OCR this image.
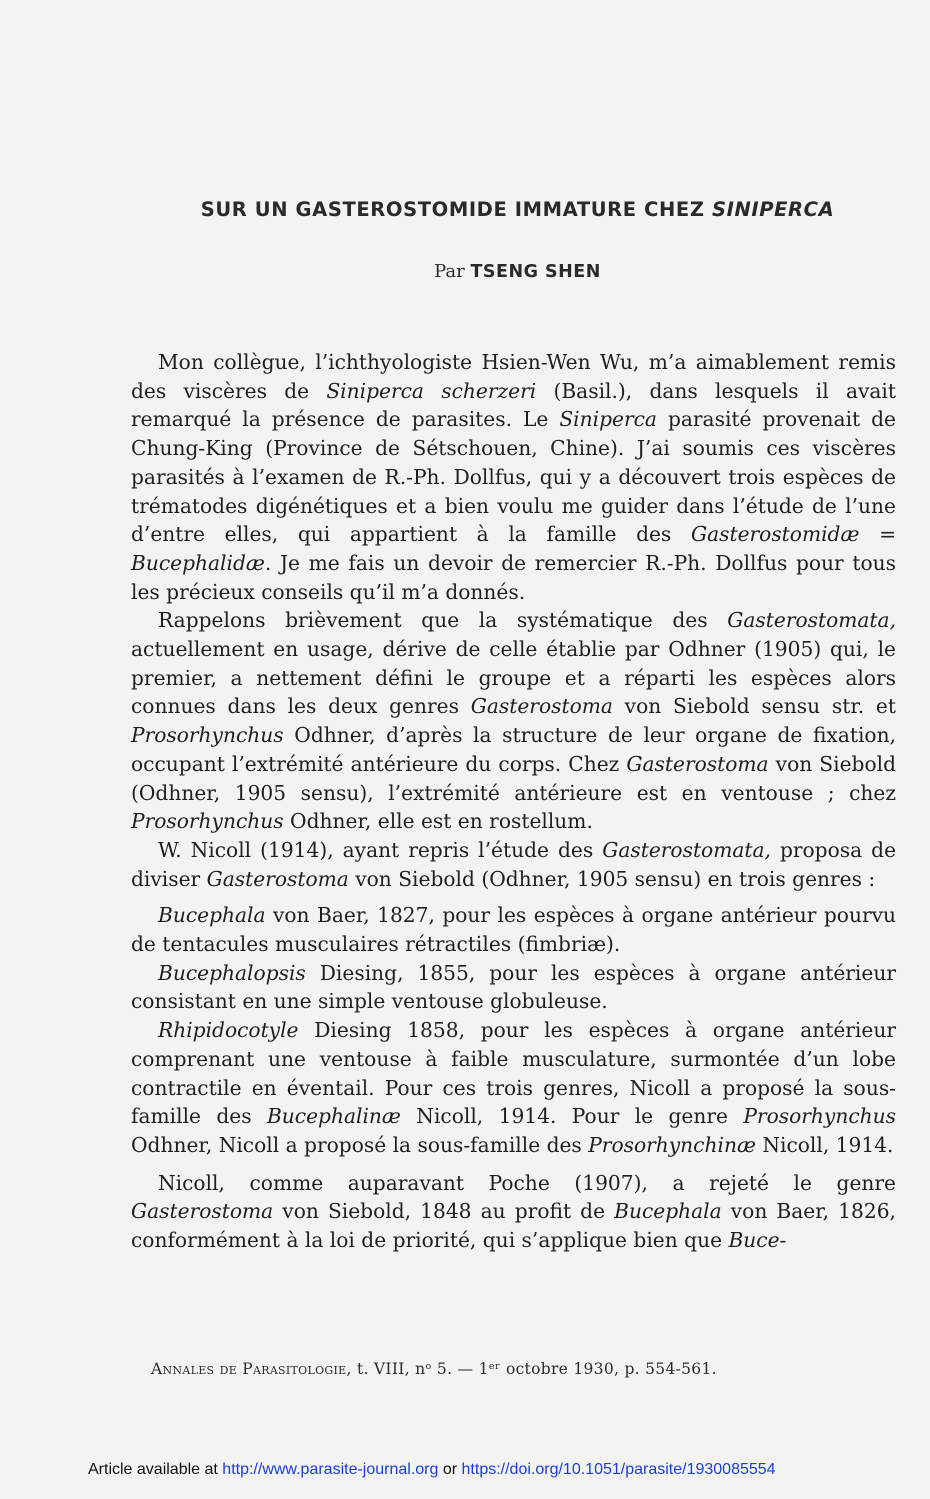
SUR UN GASTEROSTOMIDE IMMATURE CHEZ SINIPERCA
Par TSENG SHEN

Mon collègue, l’ichthyologiste Hsien-Wen Wu, m’a aimablement remis des viscères de Siniperca scherzeri (Basil.), dans lesquels il avait remarqué la présence de parasites. Le Siniperca parasité provenait de Chung-King (Province de Sétschouen, Chine). J’ai soumis ces viscères parasités à l’examen de R.-Ph. Dollfus, qui y a découvert trois espèces de trématodes digénétiques et a bien voulu me guider dans l’étude de l’une d’entre elles, qui appartient à la famille des Gasterostomidæ = Bucephalidæ. Je me fais un devoir de remercier R.-Ph. Dollfus pour tous les précieux conseils qu’il m’a donnés.

Rappelons brièvement que la systématique des Gasterostomata, actuellement en usage, dérive de celle établie par Odhner (1905) qui, le premier, a nettement défini le groupe et a réparti les espèces alors connues dans les deux genres Gasterostoma von Siebold sensu str. et Prosorhynchus Odhner, d’après la structure de leur organe de fixation, occupant l’extrémité antérieure du corps. Chez Gasterostoma von Siebold (Odhner, 1905 sensu), l’extrémité antérieure est en ventouse ; chez Prosorhynchus Odhner, elle est en rostellum.

W. Nicoll (1914), ayant repris l’étude des Gasterostomata, proposa de diviser Gasterostoma von Siebold (Odhner, 1905 sensu) en trois genres :

Bucephala von Baer, 1827, pour les espèces à organe antérieur pourvu de tentacules musculaires rétractiles (fimbriæ).

Bucephalopsis Diesing, 1855, pour les espèces à organe antérieur consistant en une simple ventouse globuleuse.

Rhipidocotyle Diesing 1858, pour les espèces à organe antérieur comprenant une ventouse à faible musculature, surmontée d’un lobe contractile en éventail. Pour ces trois genres, Nicoll a proposé la sous-famille des Bucephalinæ Nicoll, 1914. Pour le genre Prosorhynchus Odhner, Nicoll a proposé la sous-famille des Prosorhynchinæ Nicoll, 1914.

Nicoll, comme auparavant Poche (1907), a rejeté le genre Gasterostoma von Siebold, 1848 au profit de Bucephala von Baer, 1826, conformément à la loi de priorité, qui s’applique bien que Buce-

Annales de Parasitologie, t. VIII, nᵒ 5. — 1ᵉʳ octobre 1930, p. 554-561.
Article available at http://www.parasite-journal.org or https://doi.org/10.1051/parasite/1930085554
